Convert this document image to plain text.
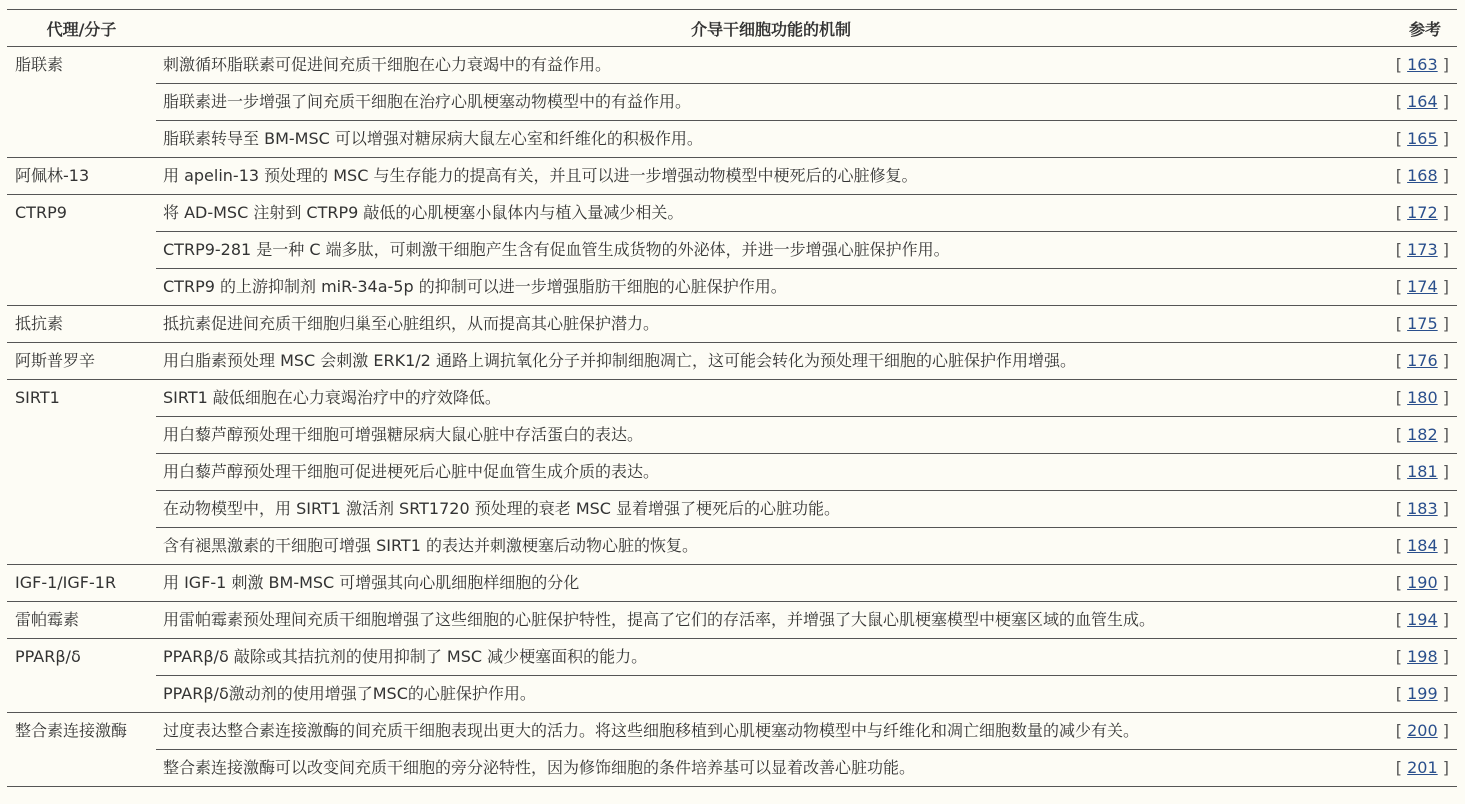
代理/分子	介导干细胞功能的机制	参考
脂联素	刺激循环脂联素可促进间充质干细胞在心力衰竭中的有益作用。	[ 163 ]
	脂联素进一步增强了间充质干细胞在治疗心肌梗塞动物模型中的有益作用。	[ 164 ]
	脂联素转导至 BM-MSC 可以增强对糖尿病大鼠左心室和纤维化的积极作用。	[ 165 ]
阿佩林-13	用 apelin-13 预处理的 MSC 与生存能力的提高有关，并且可以进一步增强动物模型中梗死后的心脏修复。	[ 168 ]
CTRP9	将 AD-MSC 注射到 CTRP9 敲低的心肌梗塞小鼠体内与植入量减少相关。	[ 172 ]
	CTRP9-281 是一种 C 端多肽，可刺激干细胞产生含有促血管生成货物的外泌体，并进一步增强心脏保护作用。	[ 173 ]
	CTRP9 的上游抑制剂 miR-34a-5p 的抑制可以进一步增强脂肪干细胞的心脏保护作用。	[ 174 ]
抵抗素	抵抗素促进间充质干细胞归巢至心脏组织，从而提高其心脏保护潜力。	[ 175 ]
阿斯普罗辛	用白脂素预处理 MSC 会刺激 ERK1/2 通路上调抗氧化分子并抑制细胞凋亡，这可能会转化为预处理干细胞的心脏保护作用增强。	[ 176 ]
SIRT1	SIRT1 敲低细胞在心力衰竭治疗中的疗效降低。	[ 180 ]
	用白藜芦醇预处理干细胞可增强糖尿病大鼠心脏中存活蛋白的表达。	[ 182 ]
	用白藜芦醇预处理干细胞可促进梗死后心脏中促血管生成介质的表达。	[ 181 ]
	在动物模型中，用 SIRT1 激活剂 SRT1720 预处理的衰老 MSC 显着增强了梗死后的心脏功能。	[ 183 ]
	含有褪黑激素的干细胞可增强 SIRT1 的表达并刺激梗塞后动物心脏的恢复。	[ 184 ]
IGF-1/IGF-1R	用 IGF-1 刺激 BM-MSC 可增强其向心肌细胞样细胞的分化	[ 190 ]
雷帕霉素	用雷帕霉素预处理间充质干细胞增强了这些细胞的心脏保护特性，提高了它们的存活率，并增强了大鼠心肌梗塞模型中梗塞区域的血管生成。	[ 194 ]
PPARβ/δ	PPARβ/δ 敲除或其拮抗剂的使用抑制了 MSC 减少梗塞面积的能力。	[ 198 ]
	PPARβ/δ激动剂的使用增强了MSC的心脏保护作用。	[ 199 ]
整合素连接激酶	过度表达整合素连接激酶的间充质干细胞表现出更大的活力。将这些细胞移植到心肌梗塞动物模型中与纤维化和凋亡细胞数量的减少有关。	[ 200 ]
	整合素连接激酶可以改变间充质干细胞的旁分泌特性，因为修饰细胞的条件培养基可以显着改善心脏功能。	[ 201 ]
